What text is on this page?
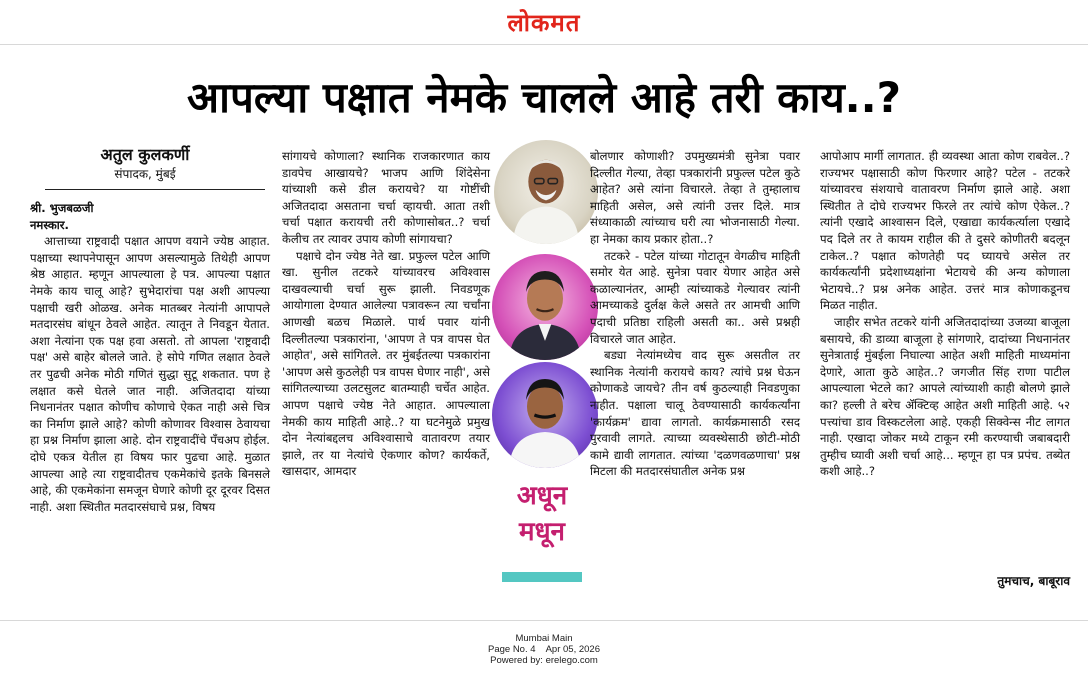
लोकमत
आपल्या पक्षात नेमके चालले आहे तरी काय..?
अतुल कुलकर्णी
संपादक, मुंबई

श्री. भुजबळजी

नमस्कार.

आत्ताच्या राष्ट्रवादी पक्षात आपण वयाने ज्येष्ठ आहात. पक्षाच्या स्थापनेपासून आपण असल्यामुळे तिथेही आपण श्रेष्ठ आहात. म्हणून आपल्याला हे पत्र. आपल्या पक्षात नेमके काय चालू आहे? सुभेदारांचा पक्ष अशी आपल्या पक्षाची खरी ओळख. अनेक मातब्बर नेत्यांनी आपापले मतदारसंघ बांधून ठेवले आहेत. त्यातून ते निवडून येतात. अशा नेत्यांना एक पक्ष हवा असतो. तो आपला 'राष्ट्रवादी पक्ष' असे बाहेर बोलले जाते. हे सोपे गणित लक्षात ठेवले तर पुढची अनेक मोठी गणितं सुद्धा सुटू शकतात. पण हे लक्षात कसे घेतले जात नाही. अजितदादा यांच्या निधनानंतर पक्षात कोणीच कोणाचे ऐकत नाही असे चित्र का निर्माण झाले आहे? कोणी कोणावर विश्वास ठेवायचा हा प्रश्न निर्माण झाला आहे. दोन राष्ट्रवादींचे पँचअप होईल. दोघे एकत्र येतील हा विषय फार पुढचा आहे. मुळात आपल्या आहे त्या राष्ट्रवादीतच एकमेकांचे इतके बिनसले आहे, की एकमेकांना समजून घेणारे कोणी दूर दूरवर दिसत नाही. अशा स्थितीत मतदारसंघाचे प्रश्न, विषय

सांगायचे कोणाला? स्थानिक राजकारणात काय डावपेच आखायचे? भाजप आणि शिंदेसेना यांच्याशी कसे डील करायचे? या गोष्टींची अजितदादा असताना चर्चा व्हायची. आता तशी चर्चा पक्षात करायची तरी कोणासोबत..? चर्चा केलीच तर त्यावर उपाय कोणी सांगायचा?

पक्षाचे दोन ज्येष्ठ नेते खा. प्रफुल्ल पटेल आणि खा. सुनील तटकरे यांच्यावरच अविश्वास दाखवल्याची चर्चा सुरू झाली. निवडणूक आयोगाला देण्यात आलेल्या पत्रावरून त्या चर्चांना आणखी बळच मिळाले. पार्थ पवार यांनी दिल्लीतल्या पत्रकारांना, 'आपण ते पत्र वापस घेत आहोत', असे सांगितले. तर मुंबईतल्या पत्रकारांना 'आपण असे कुठलेही पत्र वापस घेणार नाही', असे सांगितल्याच्या उलटसुलट बातम्याही चर्चेत आहेत. आपण पक्षाचे ज्येष्ठ नेते आहात. आपल्याला नेमकी काय माहिती आहे..? या घटनेमुळे प्रमुख दोन नेत्यांबद्दलच अविश्वासाचे वातावरण तयार झाले, तर या नेत्यांचे ऐकणार कोण? कार्यकर्ते, खासदार, आमदार

अधून
मधून

बोलणार कोणाशी? उपमुख्यमंत्री सुनेत्रा पवार दिल्लीत गेल्या, तेव्हा पत्रकारांनी प्रफुल्ल पटेल कुठे आहेत? असे त्यांना विचारले. तेव्हा ते तुम्हालाच माहिती असेल, असे त्यांनी उत्तर दिले. मात्र संध्याकाळी त्यांच्याच घरी त्या भोजनासाठी गेल्या. हा नेमका काय प्रकार होता..?

तटकरे - पटेल यांच्या गोटातून वेगळीच माहिती समोर येत आहे. सुनेत्रा पवार येणार आहेत असे कळाल्यानंतर, आम्ही त्यांच्याकडे गेल्यावर त्यांनी आमच्याकडे दुर्लक्ष केले असते तर आमची आणि पदाची प्रतिष्ठा राहिली असती का.. असे प्रश्नही विचारले जात आहेत.

बड्या नेत्यांमध्येच वाद सुरू असतील तर स्थानिक नेत्यांनी करायचे काय? त्यांचे प्रश्न घेऊन कोणाकडे जायचे? तीन वर्ष कुठल्याही निवडणुका नाहीत. पक्षाला चालू ठेवण्यासाठी कार्यकर्त्यांना 'कार्यक्रम' द्यावा लागतो. कार्यक्रमासाठी रसद पुरवावी लागते. त्याच्या व्यवस्थेसाठी छोटी-मोठी कामे द्यावी लागतात. त्यांच्या 'दळणवळणाचा' प्रश्न मिटला की मतदारसंघातील अनेक प्रश्न

आपोआप मार्गी लागतात. ही व्यवस्था आता कोण राबवेल..? राज्यभर पक्षासाठी कोण फिरणार आहे? पटेल - तटकरे यांच्यावरच संशयाचे वातावरण निर्माण झाले आहे. अशा स्थितीत ते दोघे राज्यभर फिरले तर त्यांचे कोण ऐकेल..? त्यांनी एखादे आश्वासन दिले, एखाद्या कार्यकर्त्याला एखादे पद दिले तर ते कायम राहील की ते दुसरे कोणीतरी बदलून टाकेल..? पक्षात कोणतेही पद घ्यायचे असेल तर कार्यकर्त्यांनी प्रदेशाध्यक्षांना भेटायचे की अन्य कोणाला भेटायचे..? प्रश्न अनेक आहेत. उत्तरं मात्र कोणाकडूनच मिळत नाहीत.

जाहीर सभेत तटकरे यांनी अजितदादांच्या उजव्या बाजूला बसायचे, की डाव्या बाजूला हे सांगणारे, दादांच्या निधनानंतर सुनेत्राताई मुंबईला निघाल्या आहेत अशी माहिती माध्यमांना देणारे, आता कुठे आहेत..? जगजीत सिंह राणा पाटील आपल्याला भेटले का? आपले त्यांच्याशी काही बोलणे झाले का? हल्ली ते बरेच ॲक्टिव्ह आहेत अशी माहिती आहे. ५२ पत्त्यांचा डाव विस्कटलेला आहे. एकही सिक्वेन्स नीट लागत नाही. एखादा जोकर मध्ये टाकून रमी करण्याची जबाबदारी तुम्हीच घ्यावी अशी चर्चा आहे... म्हणून हा पत्र प्रपंच. तब्येत कशी आहे..?

तुमचाच, बाबूराव
Mumbai Main
Page No. 4 Apr 05, 2026
Powered by: erelego.com
